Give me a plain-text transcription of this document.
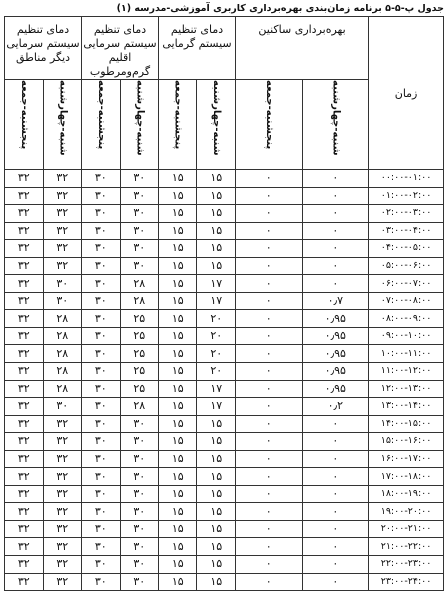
جدول پ-۵-۵ برنامه زمان‌بندی بهره‌برداری کاربری آموزشی-مدرسه (۱)
زمان	بهره‌برداری ساکنین		دمای تنظیم سیستم گرمایی		دمای تنظیم سیستم سرمایی اقلیم گرم‌ومرطوب		دمای تنظیم سیستم سرمایی دیگر مناطق	
	شنبه-چهارشنبه	پنجشنبه-جمعه	شنبه-چهارشنبه	پنجشنبه-جمعه	شنبه-چهارشنبه	پنجشنبه-جمعه	شنبه-چهارشنبه	پنجشنبه-جمعه
۰۰:۰۰-۰۱:۰۰	۰	۰	۱۵	۱۵	۳۰	۳۰	۳۲	۳۲
۰۱:۰۰-۰۲:۰۰	۰	۰	۱۵	۱۵	۳۰	۳۰	۳۲	۳۲
۰۲:۰۰-۰۳:۰۰	۰	۰	۱۵	۱۵	۳۰	۳۰	۳۲	۳۲
۰۳:۰۰-۰۴:۰۰	۰	۰	۱۵	۱۵	۳۰	۳۰	۳۲	۳۲
۰۴:۰۰-۰۵:۰۰	۰	۰	۱۵	۱۵	۳۰	۳۰	۳۲	۳۲
۰۵:۰۰-۰۶:۰۰	۰	۰	۱۵	۱۵	۳۰	۳۰	۳۲	۳۲
۰۶:۰۰-۰۷:۰۰	۰	۰	۱۷	۱۵	۲۸	۳۰	۳۰	۳۲
۰۷:۰۰-۰۸:۰۰	۰٫۷	۰	۱۷	۱۵	۲۸	۳۰	۳۰	۳۲
۰۸:۰۰-۰۹:۰۰	۰٫۹۵	۰	۲۰	۱۵	۲۵	۳۰	۲۸	۳۲
۰۹:۰۰-۱۰:۰۰	۰٫۹۵	۰	۲۰	۱۵	۲۵	۳۰	۲۸	۳۲
۱۰:۰۰-۱۱:۰۰	۰٫۹۵	۰	۲۰	۱۵	۲۵	۳۰	۲۸	۳۲
۱۱:۰۰-۱۲:۰۰	۰٫۹۵	۰	۲۰	۱۵	۲۵	۳۰	۲۸	۳۲
۱۲:۰۰-۱۳:۰۰	۰٫۹۵	۰	۱۷	۱۵	۲۵	۳۰	۲۸	۳۲
۱۳:۰۰-۱۴:۰۰	۰٫۲	۰	۱۷	۱۵	۲۸	۳۰	۳۰	۳۲
۱۴:۰۰-۱۵:۰۰	۰	۰	۱۵	۱۵	۳۰	۳۰	۳۲	۳۲
۱۵:۰۰-۱۶:۰۰	۰	۰	۱۵	۱۵	۳۰	۳۰	۳۲	۳۲
۱۶:۰۰-۱۷:۰۰	۰	۰	۱۵	۱۵	۳۰	۳۰	۳۲	۳۲
۱۷:۰۰-۱۸:۰۰	۰	۰	۱۵	۱۵	۳۰	۳۰	۳۲	۳۲
۱۸:۰۰-۱۹:۰۰	۰	۰	۱۵	۱۵	۳۰	۳۰	۳۲	۳۲
۱۹:۰۰-۲۰:۰۰	۰	۰	۱۵	۱۵	۳۰	۳۰	۳۲	۳۲
۲۰:۰۰-۲۱:۰۰	۰	۰	۱۵	۱۵	۳۰	۳۰	۳۲	۳۲
۲۱:۰۰-۲۲:۰۰	۰	۰	۱۵	۱۵	۳۰	۳۰	۳۲	۳۲
۲۲:۰۰-۲۳:۰۰	۰	۰	۱۵	۱۵	۳۰	۳۰	۳۲	۳۲
۲۳:۰۰-۲۴:۰۰	۰	۰	۱۵	۱۵	۳۰	۳۰	۳۲	۳۲
